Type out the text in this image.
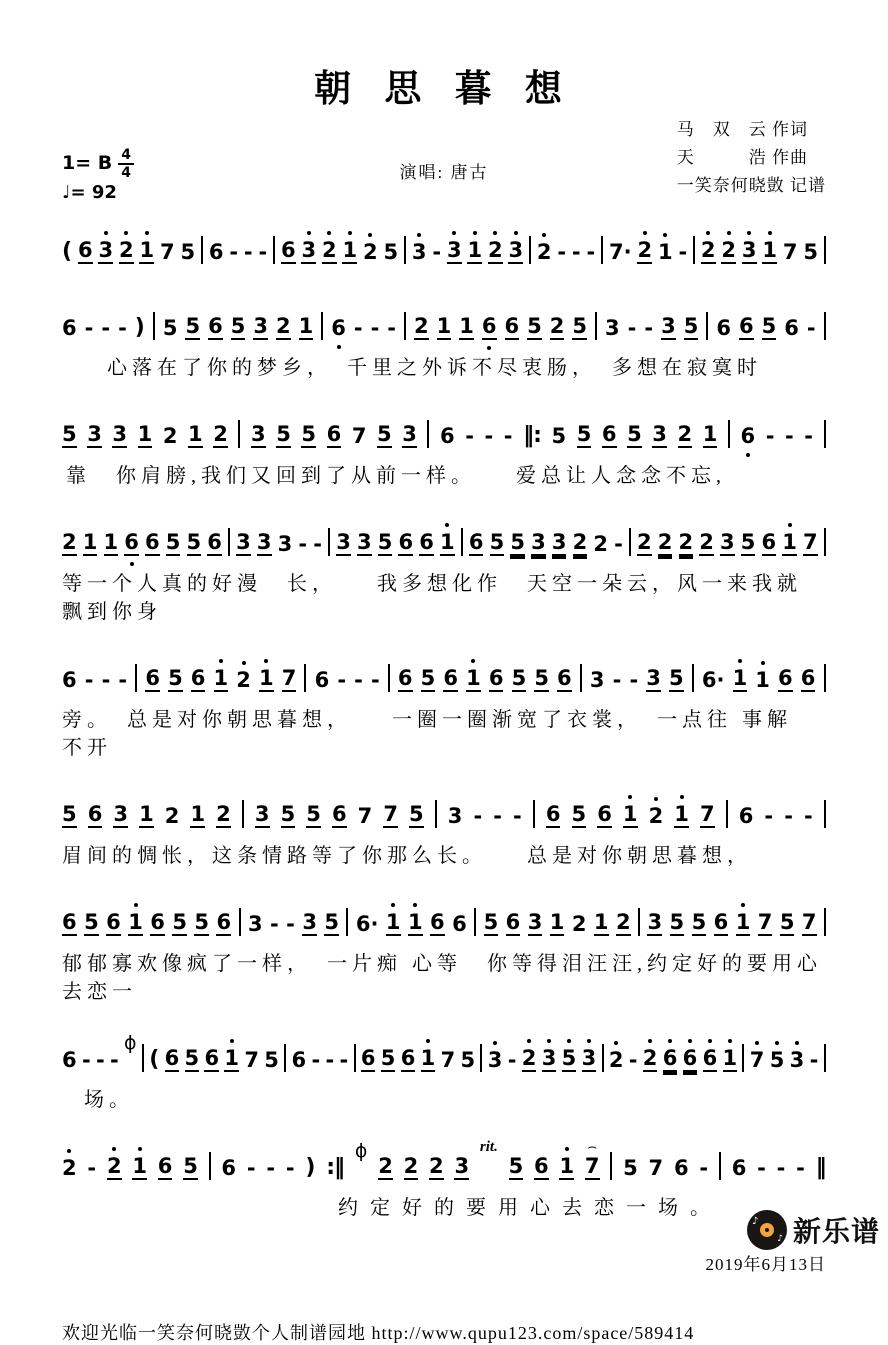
朝 思 暮 想
1= B $\frac{4}{4}$
♩= 92
演唱: 唐古
马　双　云 作词
天　　　浩 作曲
一笑奈何晓敳 记谱
( 6 3 2 1 7 5 6 - - - 6 3 2 1 2 5 3 - 3 1 2 3 2 - - - 7· 2 1 - 2 2 3 1 7 5
6 - - - ) 5 5 6 5 3 2 1 6 - - - 2 1 1 6 6 5 2 5 3 - - 3 5 6 6 5 6 -
心落在了你的梦乡，　千里之外诉不尽衷肠，　多想在寂寞时
5 3 3 1 2 1 2 3 5 5 6 7 5 3 6 - - - ‖: 5 5 6 5 3 2 1 6 - - -
靠　你肩膀,我们又回到了从前一样。　　爱总让人念念不忘,
2 1 1 6 6 5 5 6 3 3 3 - - 3 3 5 6 6 1 6 5 5 3 3 2 2 - 2 2 2 2 3 5 6 1 7
等一个人真的好漫　长，　　我多想化作　天空一朵云，风一来我就飘到你身
6 - - - 6 5 6 1 2 1 7 6 - - - 6 5 6 1 6 5 5 6 3 - - 3 5 6· 1 1 6 6
旁。　总是对你朝思暮想，　　一圈一圈渐宽了衣裳，　一点往 事解 不开
5 6 3 1 2 1 2 3 5 5 6 7 7 5 3 - - - 6 5 6 1 2 1 7 6 - - -
眉间的惆怅，这条情路等了你那么长。　　总是对你朝思暮想，
6 5 6 1 6 5 5 6 3 - - 3 5 6· 1 1 6 6 5 6 3 1 2 1 2 3 5 5 6 1 7 5 7
郁郁寡欢像疯了一样，　一片痴 心等　你等得泪汪汪,约定好的要用心去恋一
6 - - -
ϕ
( 6 5 6 1 7 5 6 - - - 6 5 6 1 7 5 3 - 2 3 5 3 2 - 2 6 6 6 1 7 5 3 -
场。
2 - 2 1 6 5 6 - - - ) :‖
ϕ
2 2 2 3
rit.
5 6 1 7
⌢
5 7 6 - 6 - - - ‖
约定好的要用心去恋一场。
2019年6月13日
欢迎光临一笑奈何晓敳个人制谱园地 http://www.qupu123.com/space/589414
♪
♪ 新乐谱
